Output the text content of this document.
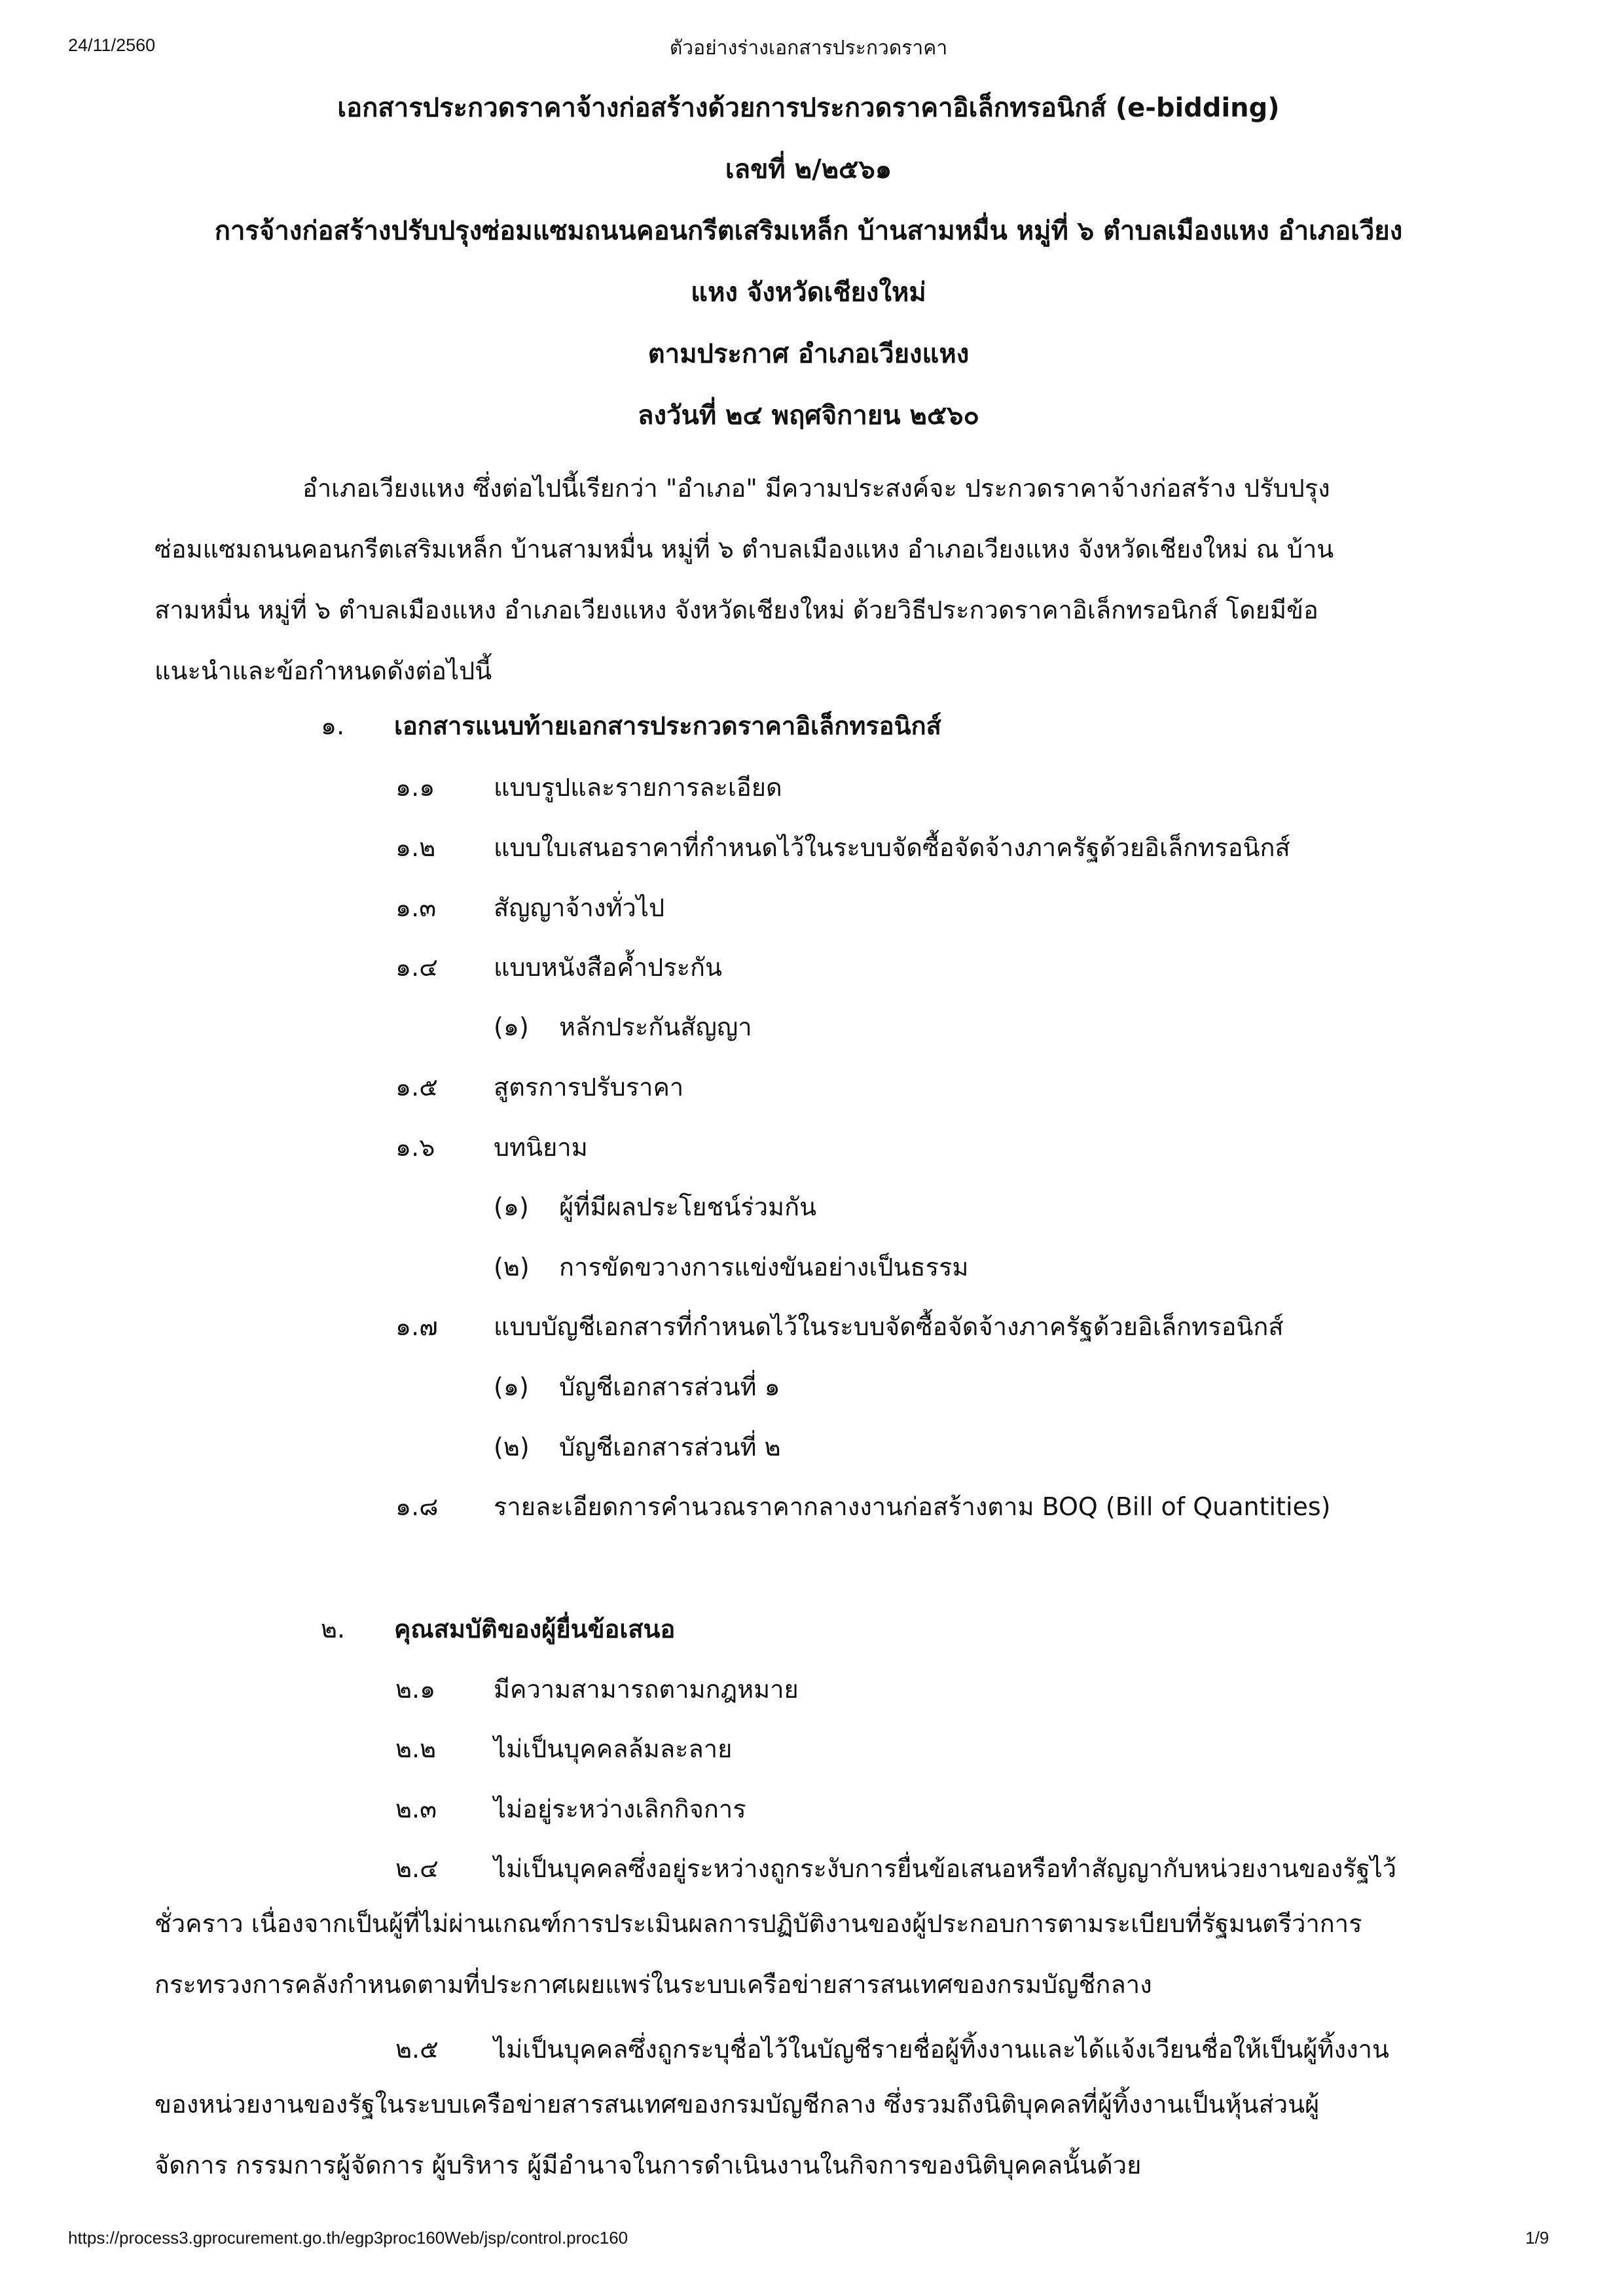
24/11/2560	ตัวอย่างร่างเอกสารประกวดราคา
เอกสารประกวดราคาจ้างก่อสร้างด้วยการประกวดราคาอิเล็กทรอนิกส์ (e-bidding)
เลขที่ ๒/๒๕๖๑
การจ้างก่อสร้างปรับปรุงซ่อมแซมถนนคอนกรีตเสริมเหล็ก บ้านสามหมื่น หมู่ที่ ๖ ตำบลเมืองแหง อำเภอเวียง
แหง จังหวัดเชียงใหม่
ตามประกาศ อำเภอเวียงแหง
ลงวันที่ ๒๔ พฤศจิกายน ๒๕๖๐
อำเภอเวียงแหง ซึ่งต่อไปนี้เรียกว่า "อำเภอ" มีความประสงค์จะ ประกวดราคาจ้างก่อสร้าง ปรับปรุง
ซ่อมแซมถนนคอนกรีตเสริมเหล็ก บ้านสามหมื่น หมู่ที่ ๖ ตำบลเมืองแหง อำเภอเวียงแหง จังหวัดเชียงใหม่ ณ บ้าน
สามหมื่น หมู่ที่ ๖ ตำบลเมืองแหง อำเภอเวียงแหง จังหวัดเชียงใหม่ ด้วยวิธีประกวดราคาอิเล็กทรอนิกส์ โดยมีข้อ
แนะนำและข้อกำหนดดังต่อไปนี้
๑. เอกสารแนบท้ายเอกสารประกวดราคาอิเล็กทรอนิกส์
๑.๑ แบบรูปและรายการละเอียด
๑.๒ แบบใบเสนอราคาที่กำหนดไว้ในระบบจัดซื้อจัดจ้างภาครัฐด้วยอิเล็กทรอนิกส์
๑.๓ สัญญาจ้างทั่วไป
๑.๔ แบบหนังสือค้ำประกัน
(๑) หลักประกันสัญญา
๑.๕ สูตรการปรับราคา
๑.๖ บทนิยาม
(๑) ผู้ที่มีผลประโยชน์ร่วมกัน
(๒) การขัดขวางการแข่งขันอย่างเป็นธรรม
๑.๗ แบบบัญชีเอกสารที่กำหนดไว้ในระบบจัดซื้อจัดจ้างภาครัฐด้วยอิเล็กทรอนิกส์
(๑) บัญชีเอกสารส่วนที่ ๑
(๒) บัญชีเอกสารส่วนที่ ๒
๑.๘ รายละเอียดการคำนวณราคากลางงานก่อสร้างตาม BOQ (Bill of Quantities)
๒. คุณสมบัติของผู้ยื่นข้อเสนอ
๒.๑ มีความสามารถตามกฎหมาย
๒.๒ ไม่เป็นบุคคลล้มละลาย
๒.๓ ไม่อยู่ระหว่างเลิกกิจการ
๒.๔ ไม่เป็นบุคคลซึ่งอยู่ระหว่างถูกระงับการยื่นข้อเสนอหรือทำสัญญากับหน่วยงานของรัฐไว้
ชั่วคราว เนื่องจากเป็นผู้ที่ไม่ผ่านเกณฑ์การประเมินผลการปฏิบัติงานของผู้ประกอบการตามระเบียบที่รัฐมนตรีว่าการ
กระทรวงการคลังกำหนดตามที่ประกาศเผยแพร่ในระบบเครือข่ายสารสนเทศของกรมบัญชีกลาง
๒.๕ ไม่เป็นบุคคลซึ่งถูกระบุชื่อไว้ในบัญชีรายชื่อผู้ทิ้งงานและได้แจ้งเวียนชื่อให้เป็นผู้ทิ้งงาน
ของหน่วยงานของรัฐในระบบเครือข่ายสารสนเทศของกรมบัญชีกลาง ซึ่งรวมถึงนิติบุคคลที่ผู้ทิ้งงานเป็นหุ้นส่วนผู้
จัดการ กรรมการผู้จัดการ ผู้บริหาร ผู้มีอำนาจในการดำเนินงานในกิจการของนิติบุคคลนั้นด้วย
https://process3.gprocurement.go.th/egp3proc160Web/jsp/control.proc160	1/9
